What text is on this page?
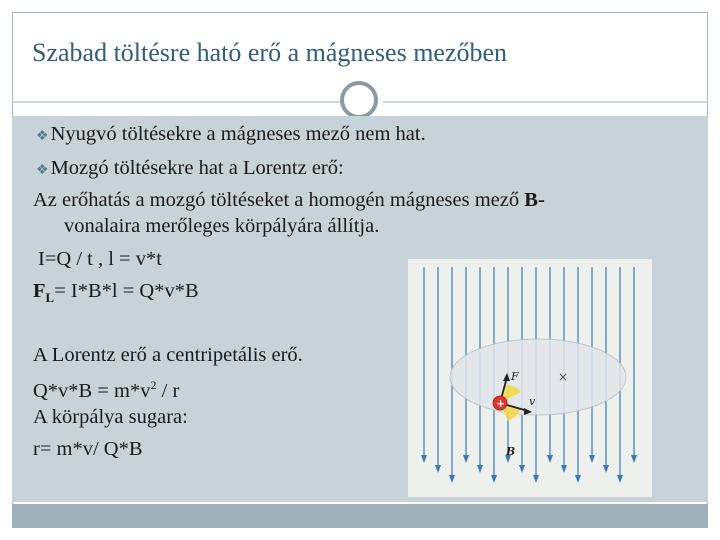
Szabad töltésre ható erő a mágneses mezőben
❖Nyugvó töltésekre a mágneses mező nem hat.
❖Mozgó töltésekre hat a Lorentz erő:
Az erőhatás a mozgó töltéseket a homogén mágneses mező B-
vonalaira merőleges körpályára állítja.
I=Q / t , l = v*t
$F_L= I*B*l = Q*v*B$
A Lorentz erő a centripetális erő.
$Q*v*B = m*v^2 / r$
A körpálya sugara:
r= m*v/ Q*B
×
+
F
v
B
